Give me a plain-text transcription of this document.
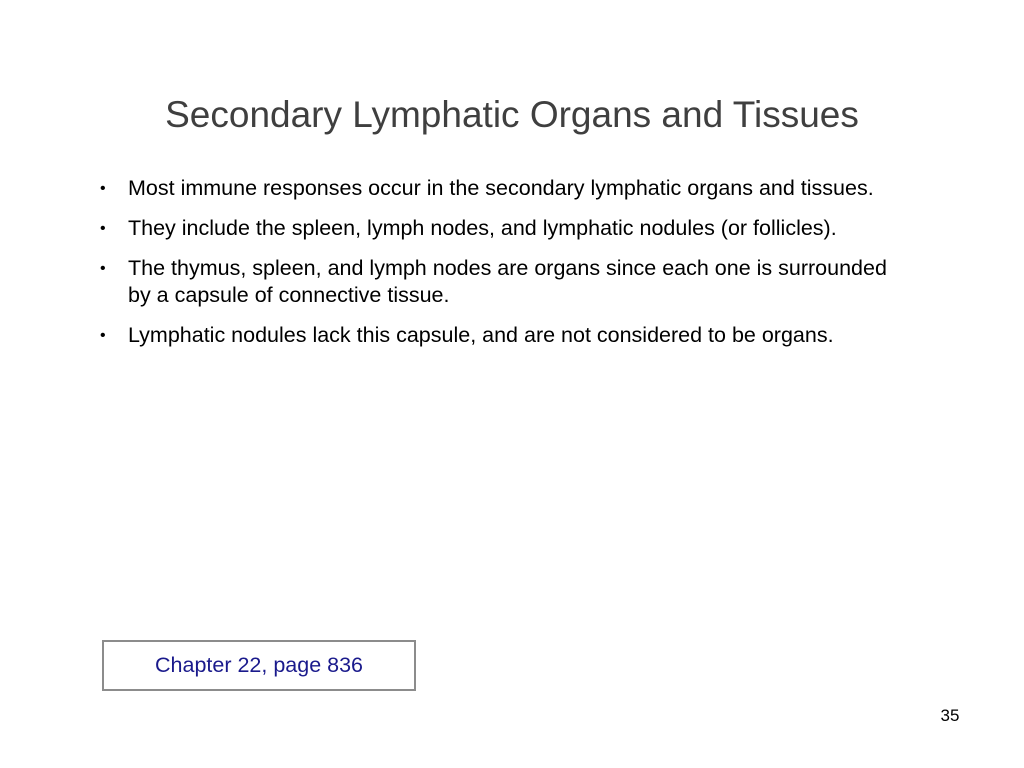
Secondary Lymphatic Organs and Tissues
• Most immune responses occur in the secondary lymphatic organs and tissues.
• They include the spleen, lymph nodes, and lymphatic nodules (or follicles).
• The thymus, spleen, and lymph nodes are organs since each one is surrounded by a capsule of connective tissue.
• Lymphatic nodules lack this capsule, and are not considered to be organs.
Chapter 22, page 836
35
